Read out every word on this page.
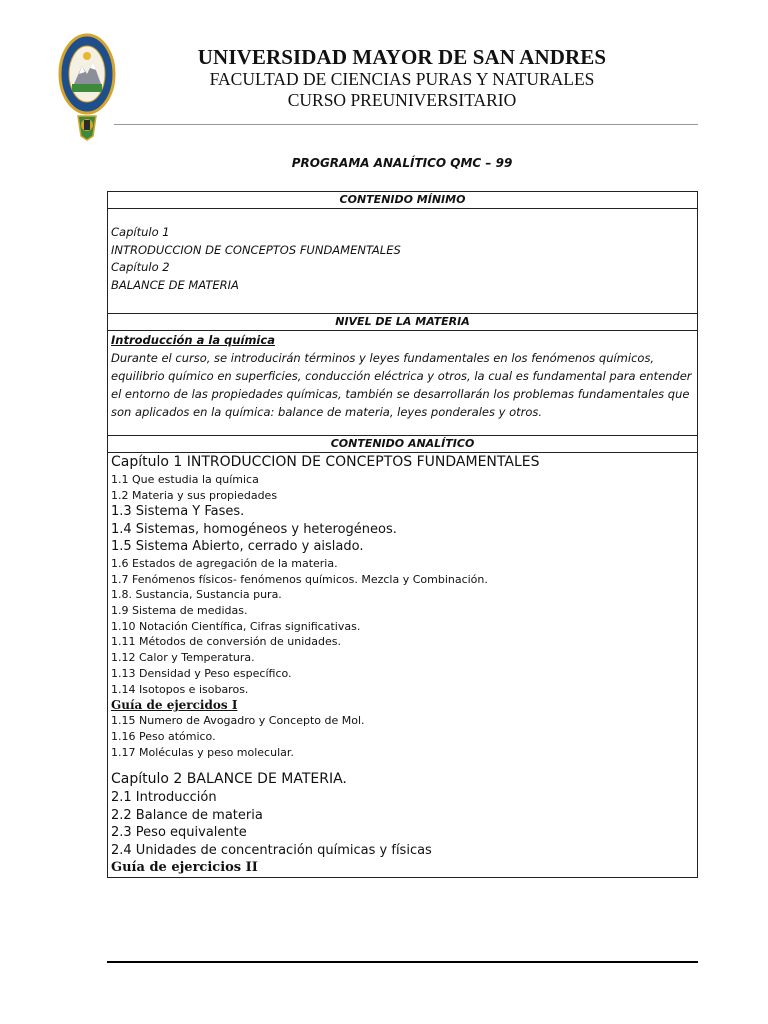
UNIVERSIDAD MAYOR DE SAN ANDRES
FACULTAD DE CIENCIAS PURAS Y NATURALES
CURSO PREUNIVERSITARIO
PROGRAMA ANALÍTICO QMC – 99
CONTENIDO MÍNIMO

Capítulo 1
INTRODUCCION DE CONCEPTOS FUNDAMENTALES
Capítulo 2
BALANCE DE MATERIA

NIVEL DE LA MATERIA

Introducción a la química
Durante el curso, se introducirán términos y leyes fundamentales en los fenómenos químicos, equilibrio químico en superficies, conducción eléctrica y otros, la cual es fundamental para entender el entorno de las propiedades químicas, también se desarrollarán los problemas fundamentales que son aplicados en la química: balance de materia, leyes ponderales y otros.

CONTENIDO ANALÍTICO

Capítulo 1 INTRODUCCION DE CONCEPTOS FUNDAMENTALES
1.1 Que estudia la química
1.2 Materia y sus propiedades
1.3 Sistema Y Fases.
1.4 Sistemas, homogéneos y heterogéneos.
1.5 Sistema Abierto, cerrado y aislado.
1.6 Estados de agregación de la materia.
1.7 Fenómenos físicos- fenómenos químicos. Mezcla y Combinación.
1.8. Sustancia, Sustancia pura.
1.9 Sistema de medidas.
1.10 Notación Científica, Cifras significativas.
1.11 Métodos de conversión de unidades.
1.12 Calor y Temperatura.
1.13 Densidad y Peso específico.
1.14 Isotopos e isobaros.
Guía de ejercidos I
1.15 Numero de Avogadro y Concepto de Mol.
1.16 Peso atómico.
1.17 Moléculas y peso molecular.
Capítulo 2 BALANCE DE MATERIA.
2.1 Introducción
2.2 Balance de materia
2.3 Peso equivalente
2.4 Unidades de concentración químicas y físicas
Guía de ejercicios II
